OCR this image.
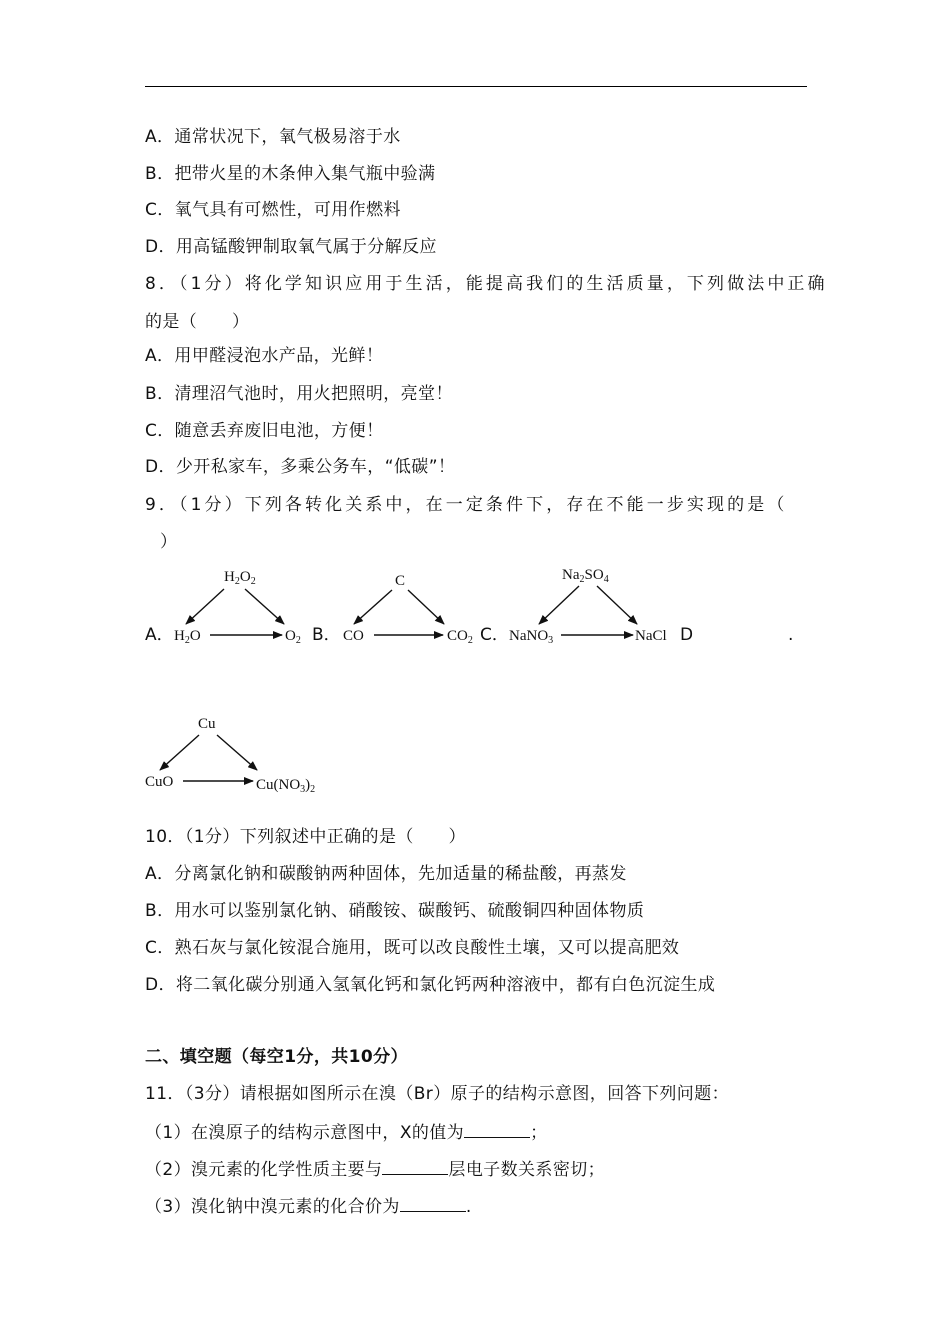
A．通常状况下，氧气极易溶于水
B．把带火星的木条伸入集气瓶中验满
C．氧气具有可燃性，可用作燃料
D．用高锰酸钾制取氧气属于分解反应
8．（1分）将化学知识应用于生活，能提高我们的生活质量，下列做法中正确
的是（　　）
A．用甲醛浸泡水产品，光鲜！
B．清理沼气池时，用火把照明，亮堂！
C．随意丢弃废旧电池，方便！
D．少开私家车，多乘公务车，“低碳”！
9．（1分）下列各转化关系中，在一定条件下，存在不能一步实现的是（
）
A．	B．	C．	D	.
$H_2O_2$
$H_2O$	$O_2$
C
CO	$CO_2$
$Na_2SO_4$
NaNO$_3$	NaCl
Cu
CuO	$Cu(NO_3)_2$
10．（1分）下列叙述中正确的是（　　）
A．分离氯化钠和碳酸钠两种固体，先加适量的稀盐酸，再蒸发
B．用水可以鉴别氯化钠、硝酸铵、碳酸钙、硫酸铜四种固体物质
C．熟石灰与氯化铵混合施用，既可以改良酸性土壤，又可以提高肥效
D．将二氧化碳分别通入氢氧化钙和氯化钙两种溶液中，都有白色沉淀生成
二、填空题（每空1分，共10分）
11．（3分）请根据如图所示在溴（Br）原子的结构示意图，回答下列问题：
（1）在溴原子的结构示意图中，X的值为	；
（2）溴元素的化学性质主要与	层电子数关系密切；
（3）溴化钠中溴元素的化合价为	.
